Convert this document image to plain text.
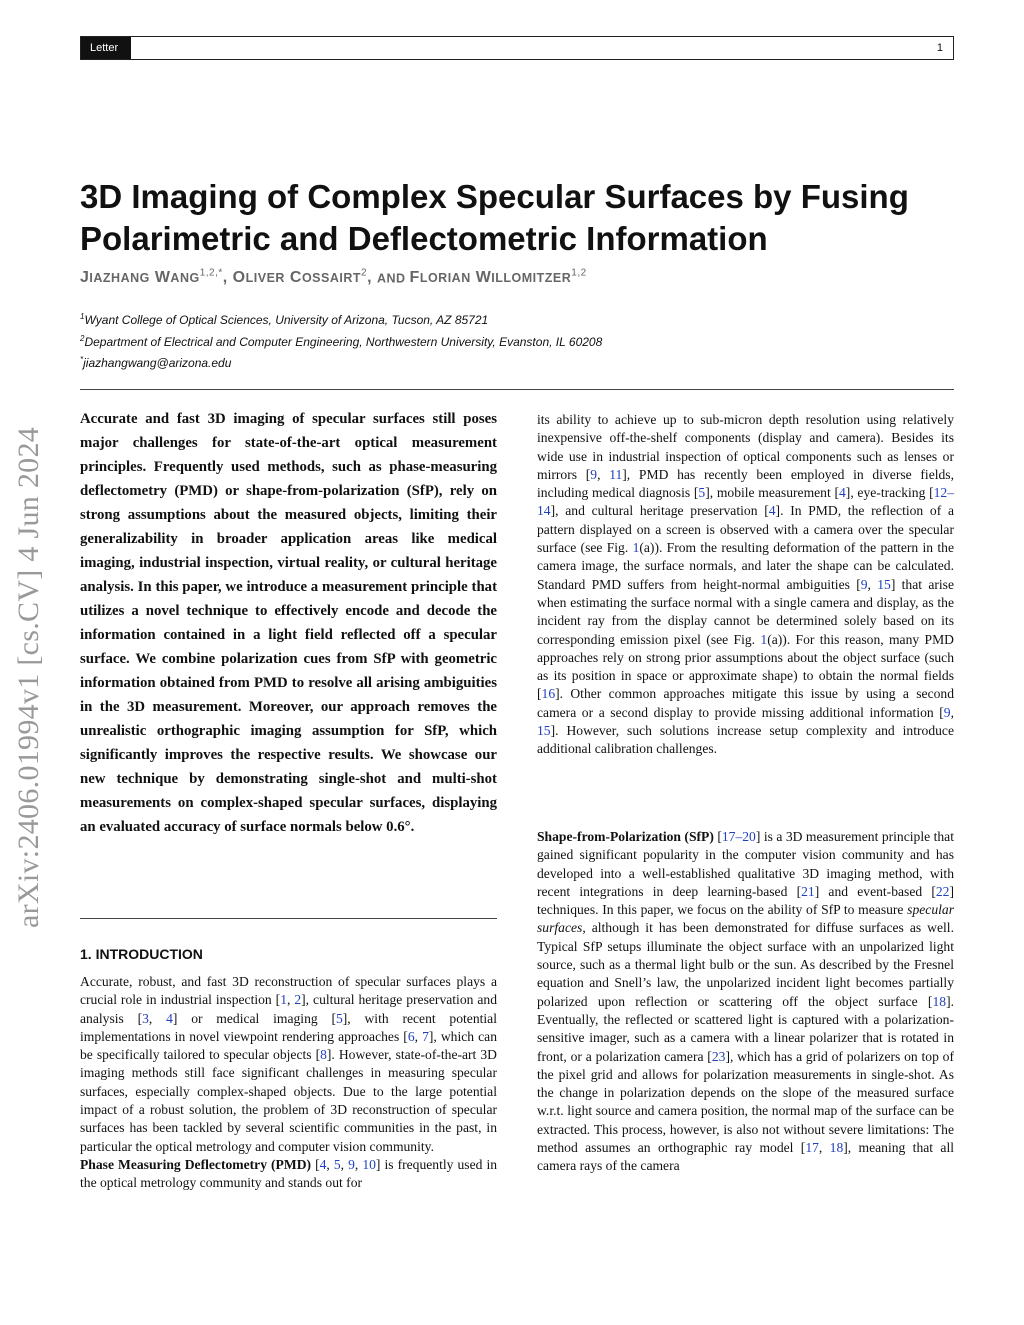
Letter	1
arXiv:2406.01994v1 [cs.CV] 4 Jun 2024
3D Imaging of Complex Specular Surfaces by Fusing Polarimetric and Deflectometric Information
JIAZHANG $WANG^{1,2,*}$, OLIVER COSSAIRT$^2$, AND FLORIAN WILLOMITZER$^{1,2}$
$^1$Wyant College of Optical Sciences, University of Arizona, Tucson, AZ 85721
$^2$Department of Electrical and Computer Engineering, Northwestern University, Evanston, IL 60208
*jiazhangwang@arizona.edu

Accurate and fast 3D imaging of specular surfaces still poses major challenges for state-of-the-art optical measurement principles. Frequently used methods, such as phase-measuring deflectometry (PMD) or shape-from-polarization (SfP), rely on strong assumptions about the measured objects, limiting their generalizability in broader application areas like medical imaging, industrial inspection, virtual reality, or cultural heritage analysis. In this paper, we introduce a measurement principle that utilizes a novel technique to effectively encode and decode the information contained in a light field reflected off a specular surface. We combine polarization cues from SfP with geometric information obtained from PMD to resolve all arising ambiguities in the 3D measurement. Moreover, our approach removes the unrealistic orthographic imaging assumption for SfP, which significantly improves the respective results. We showcase our new technique by demonstrating single-shot and multi-shot measurements on complex-shaped specular surfaces, displaying an evaluated accuracy of surface normals below 0.6°.

1. INTRODUCTION

Accurate, robust, and fast 3D reconstruction of specular surfaces plays a crucial role in industrial inspection [1, 2], cultural heritage preservation and analysis [3, 4] or medical imaging [5], with recent potential implementations in novel viewpoint rendering approaches [6, 7], which can be specifically tailored to specular objects [8]. However, state-of-the-art 3D imaging methods still face significant challenges in measuring specular surfaces, especially complex-shaped objects. Due to the large potential impact of a robust solution, the problem of 3D reconstruction of specular surfaces has been tackled by several scientific communities in the past, in particular the optical metrology and computer vision community.

Phase Measuring Deflectometry (PMD) [4, 5, 9, 10] is frequently used in the optical metrology community and stands out for

its ability to achieve up to sub-micron depth resolution using relatively inexpensive off-the-shelf components (display and camera). Besides its wide use in industrial inspection of optical components such as lenses or mirrors [9, 11], PMD has recently been employed in diverse fields, including medical diagnosis [5], mobile measurement [4], eye-tracking [12–14], and cultural heritage preservation [4]. In PMD, the reflection of a pattern displayed on a screen is observed with a camera over the specular surface (see Fig. 1(a)). From the resulting deformation of the pattern in the camera image, the surface normals, and later the shape can be calculated. Standard PMD suffers from height-normal ambiguities [9, 15] that arise when estimating the surface normal with a single camera and display, as the incident ray from the display cannot be determined solely based on its corresponding emission pixel (see Fig. 1(a)). For this reason, many PMD approaches rely on strong prior assumptions about the object surface (such as its position in space or approximate shape) to obtain the normal fields [16]. Other common approaches mitigate this issue by using a second camera or a second display to provide missing additional information [9, 15]. However, such solutions increase setup complexity and introduce additional calibration challenges.

Shape-from-Polarization (SfP) [17–20] is a 3D measurement principle that gained significant popularity in the computer vision community and has developed into a well-established qualitative 3D imaging method, with recent integrations in deep learning-based [21] and event-based [22] techniques. In this paper, we focus on the ability of SfP to measure specular surfaces, although it has been demonstrated for diffuse surfaces as well. Typical SfP setups illuminate the object surface with an unpolarized light source, such as a thermal light bulb or the sun. As described by the Fresnel equation and Snell’s law, the unpolarized incident light becomes partially polarized upon reflection or scattering off the object surface [18]. Eventually, the reflected or scattered light is captured with a polarization-sensitive imager, such as a camera with a linear polarizer that is rotated in front, or a polarization camera [23], which has a grid of polarizers on top of the pixel grid and allows for polarization measurements in single-shot. As the change in polarization depends on the slope of the measured surface w.r.t. light source and camera position, the normal map of the surface can be extracted. This process, however, is also not without severe limitations: The method assumes an orthographic ray model [17, 18], meaning that all camera rays of the camera
